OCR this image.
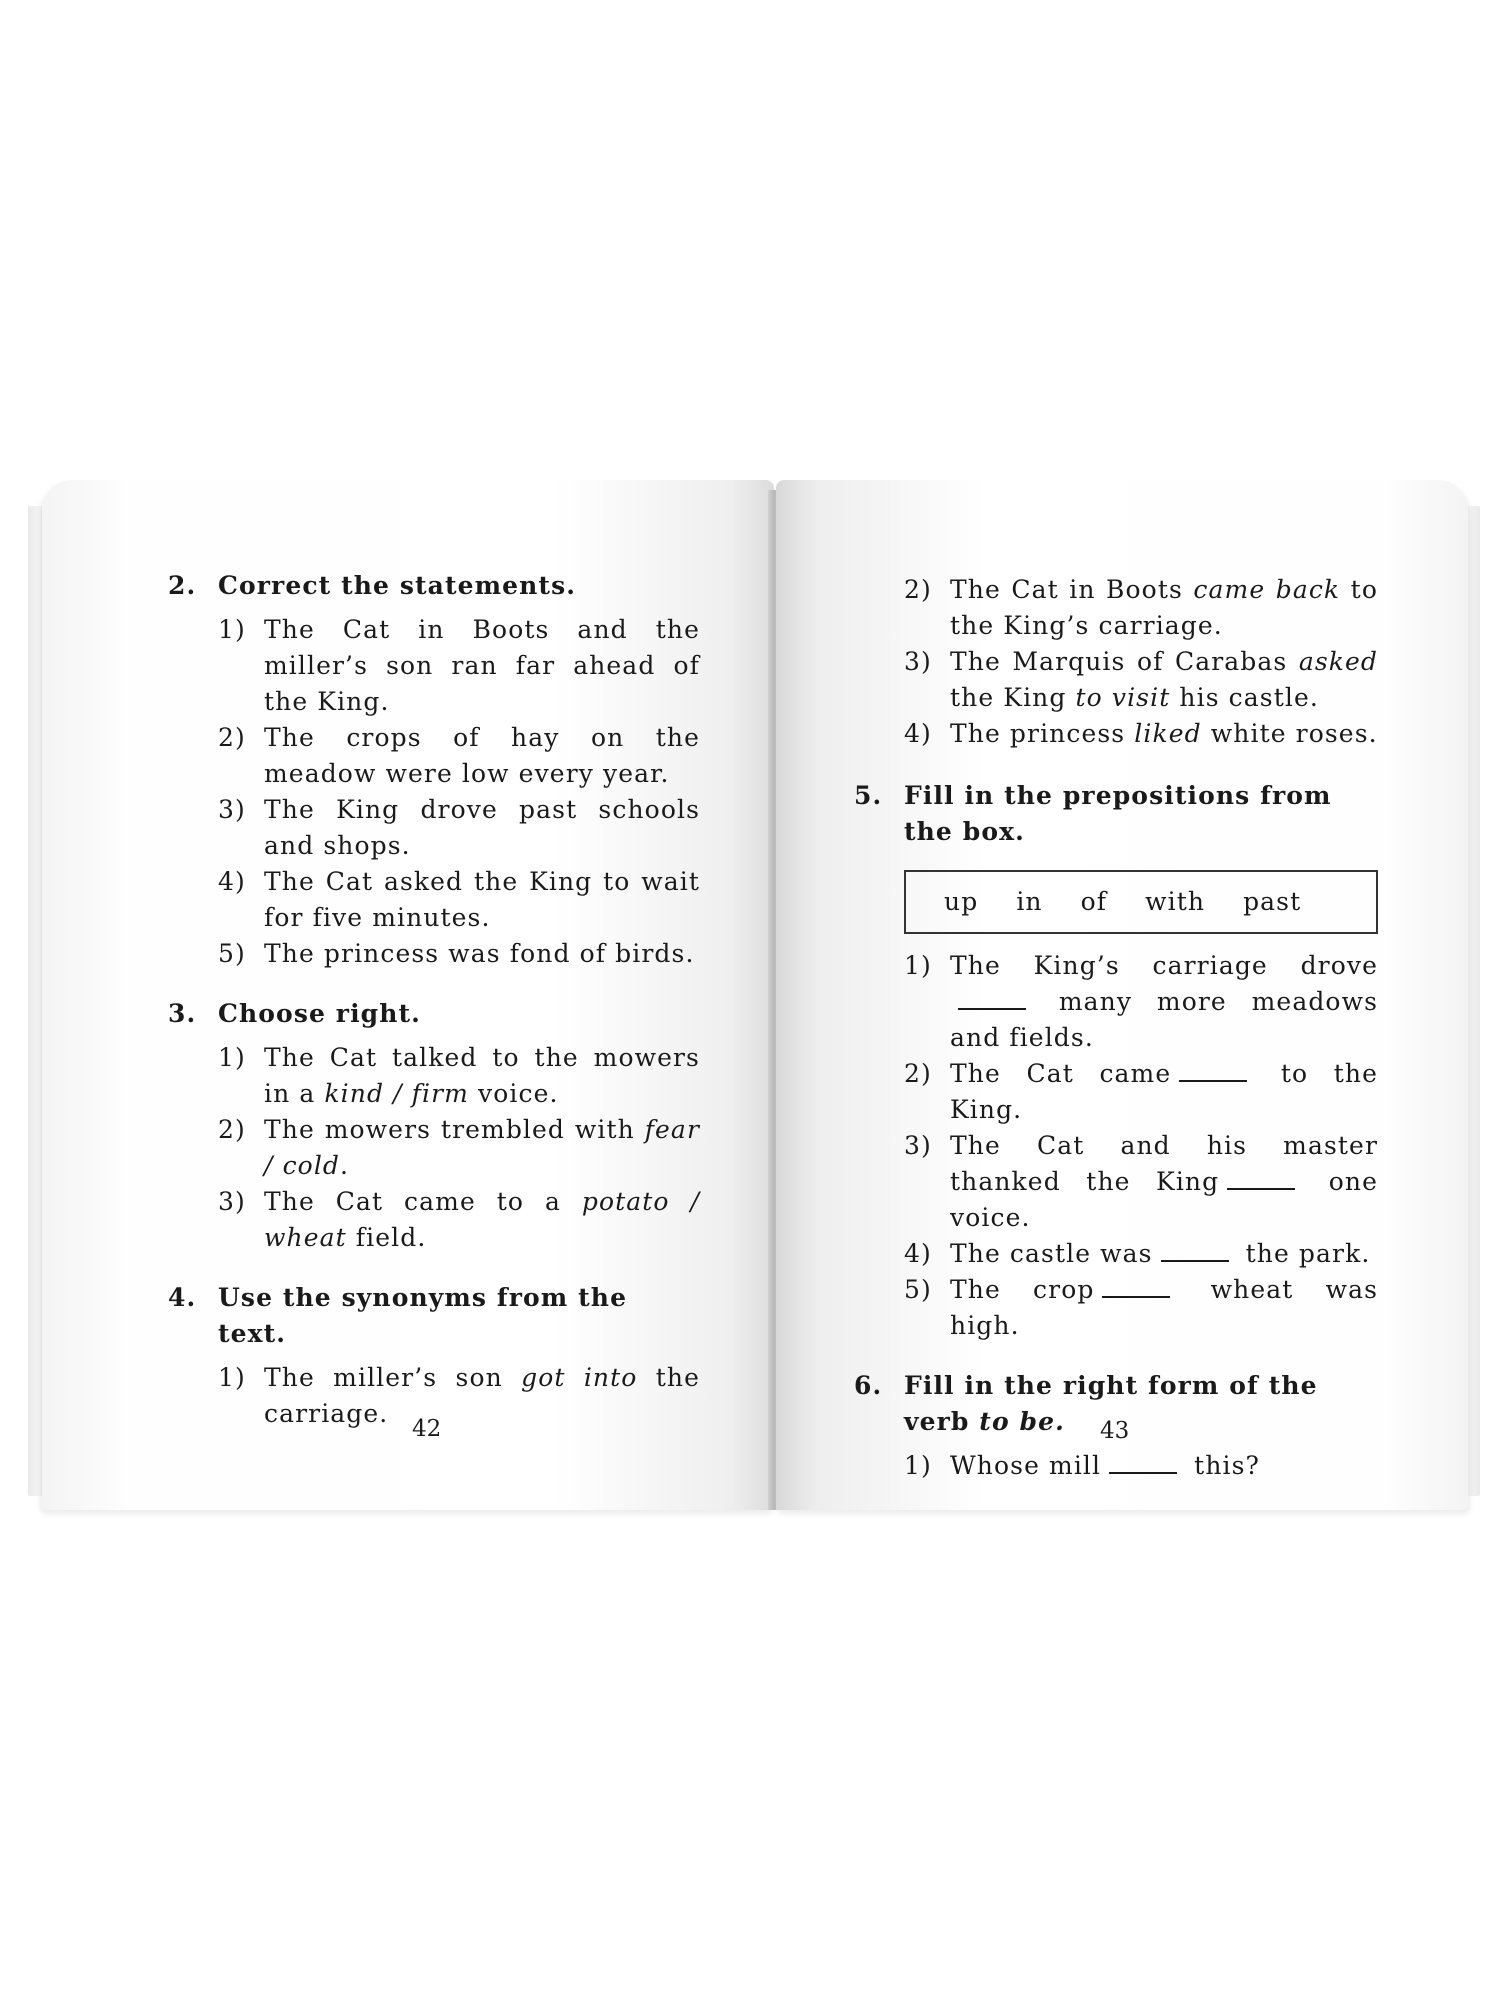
2. Correct the statements.
1) The Cat in Boots and the miller’s son ran far ahead of the King.
2) The crops of hay on the meadow were low every year.
3) The King drove past schools and shops.
4) The Cat asked the King to wait for five minutes.
5) The princess was fond of birds.
3. Choose right.
1) The Cat talked to the mowers in a kind / firm voice.
2) The mowers trembled with fear / cold.
3) The Cat came to a potato / wheat field.
4. Use the synonyms from the text.
1) The miller’s son got into the carriage.
42
2) The Cat in Boots came back to the King’s carriage.
3) The Marquis of Carabas asked the King to visit his castle.
4) The princess liked white roses.
5. Fill in the prepositions from the box.
up in of with past
1) The King’s carriage drove many more meadows and fields.
2) The Cat came	to the King.
3) The Cat and his master thanked the King	one voice.
4) The castle was	the park.
5) The crop	wheat was high.
6. Fill in the right form of the verb to be.
1) Whose mill	this?
43
